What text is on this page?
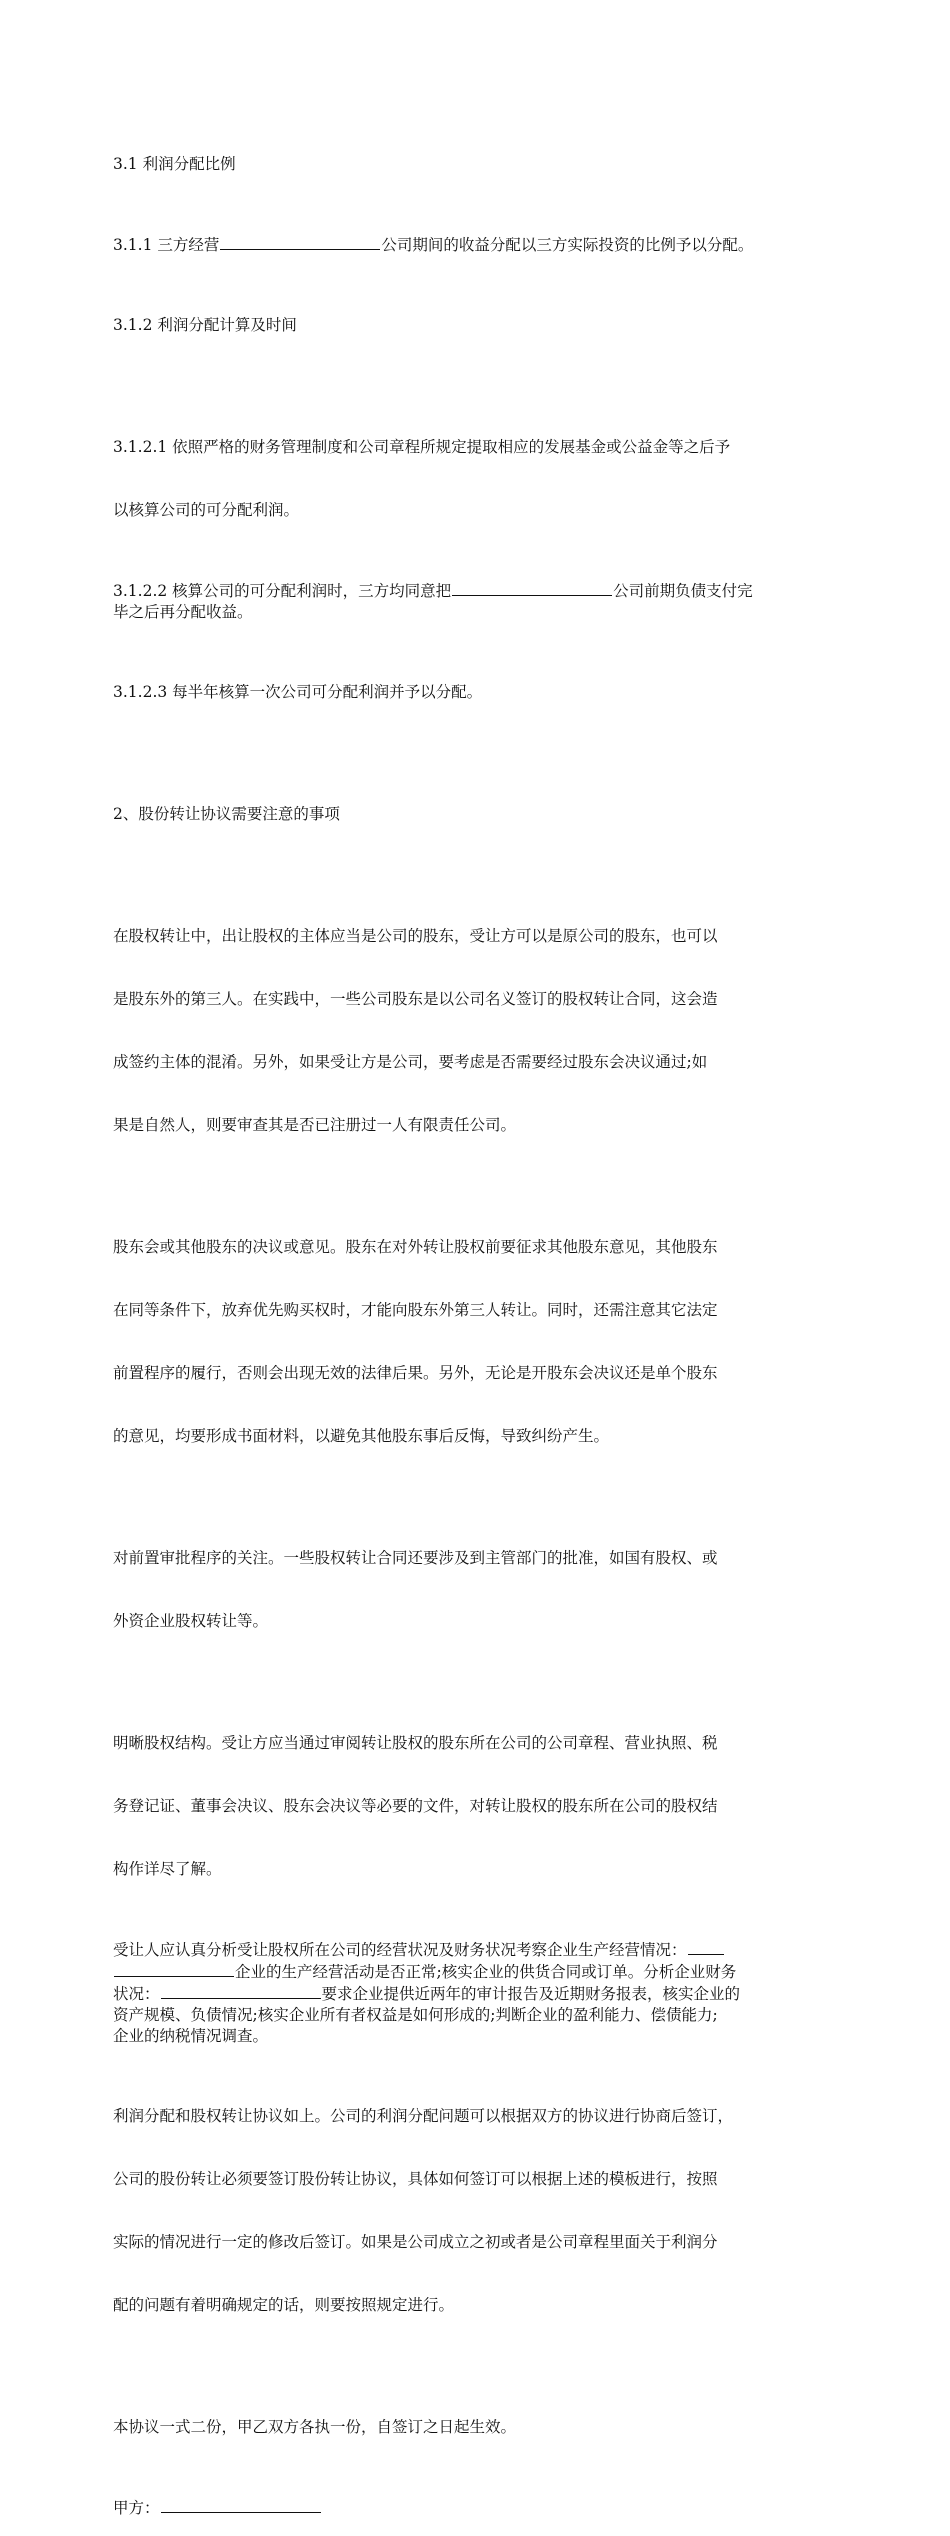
3.1 利润分配比例

3.1.1 三方经营	公司期间的收益分配以三方实际投资的比例予以分配。

3.1.2 利润分配计算及时间

3.1.2.1 依照严格的财务管理制度和公司章程所规定提取相应的发展基金或公益金等之后予

以核算公司的可分配利润。

3.1.2.2 核算公司的可分配利润时，三方均同意把	公司前期负债支付完
毕之后再分配收益。

3.1.2.3 每半年核算一次公司可分配利润并予以分配。

2、股份转让协议需要注意的事项

在股权转让中，出让股权的主体应当是公司的股东，受让方可以是原公司的股东，也可以

是股东外的第三人。在实践中，一些公司股东是以公司名义签订的股权转让合同，这会造

成签约主体的混淆。另外，如果受让方是公司，要考虑是否需要经过股东会决议通过;如

果是自然人，则要审查其是否已注册过一人有限责任公司。

股东会或其他股东的决议或意见。股东在对外转让股权前要征求其他股东意见，其他股东

在同等条件下，放弃优先购买权时，才能向股东外第三人转让。同时，还需注意其它法定

前置程序的履行，否则会出现无效的法律后果。另外，无论是开股东会决议还是单个股东

的意见，均要形成书面材料，以避免其他股东事后反悔，导致纠纷产生。

对前置审批程序的关注。一些股权转让合同还要涉及到主管部门的批准，如国有股权、或

外资企业股权转让等。

明晰股权结构。受让方应当通过审阅转让股权的股东所在公司的公司章程、营业执照、税

务登记证、董事会决议、股东会决议等必要的文件，对转让股权的股东所在公司的股权结

构作详尽了解。

受让人应认真分析受让股权所在公司的经营状况及财务状况考察企业生产经营情况：
企业的生产经营活动是否正常;核实企业的供货合同或订单。分析企业财务
状况：	要求企业提供近两年的审计报告及近期财务报表，核实企业的
资产规模、负债情况;核实企业所有者权益是如何形成的;判断企业的盈利能力、偿债能力;
企业的纳税情况调查。

利润分配和股权转让协议如上。公司的利润分配问题可以根据双方的协议进行协商后签订，

公司的股份转让必须要签订股份转让协议，具体如何签订可以根据上述的模板进行，按照

实际的情况进行一定的修改后签订。如果是公司成立之初或者是公司章程里面关于利润分

配的问题有着明确规定的话，则要按照规定进行。

本协议一式二份，甲乙双方各执一份，自签订之日起生效。

甲方：
